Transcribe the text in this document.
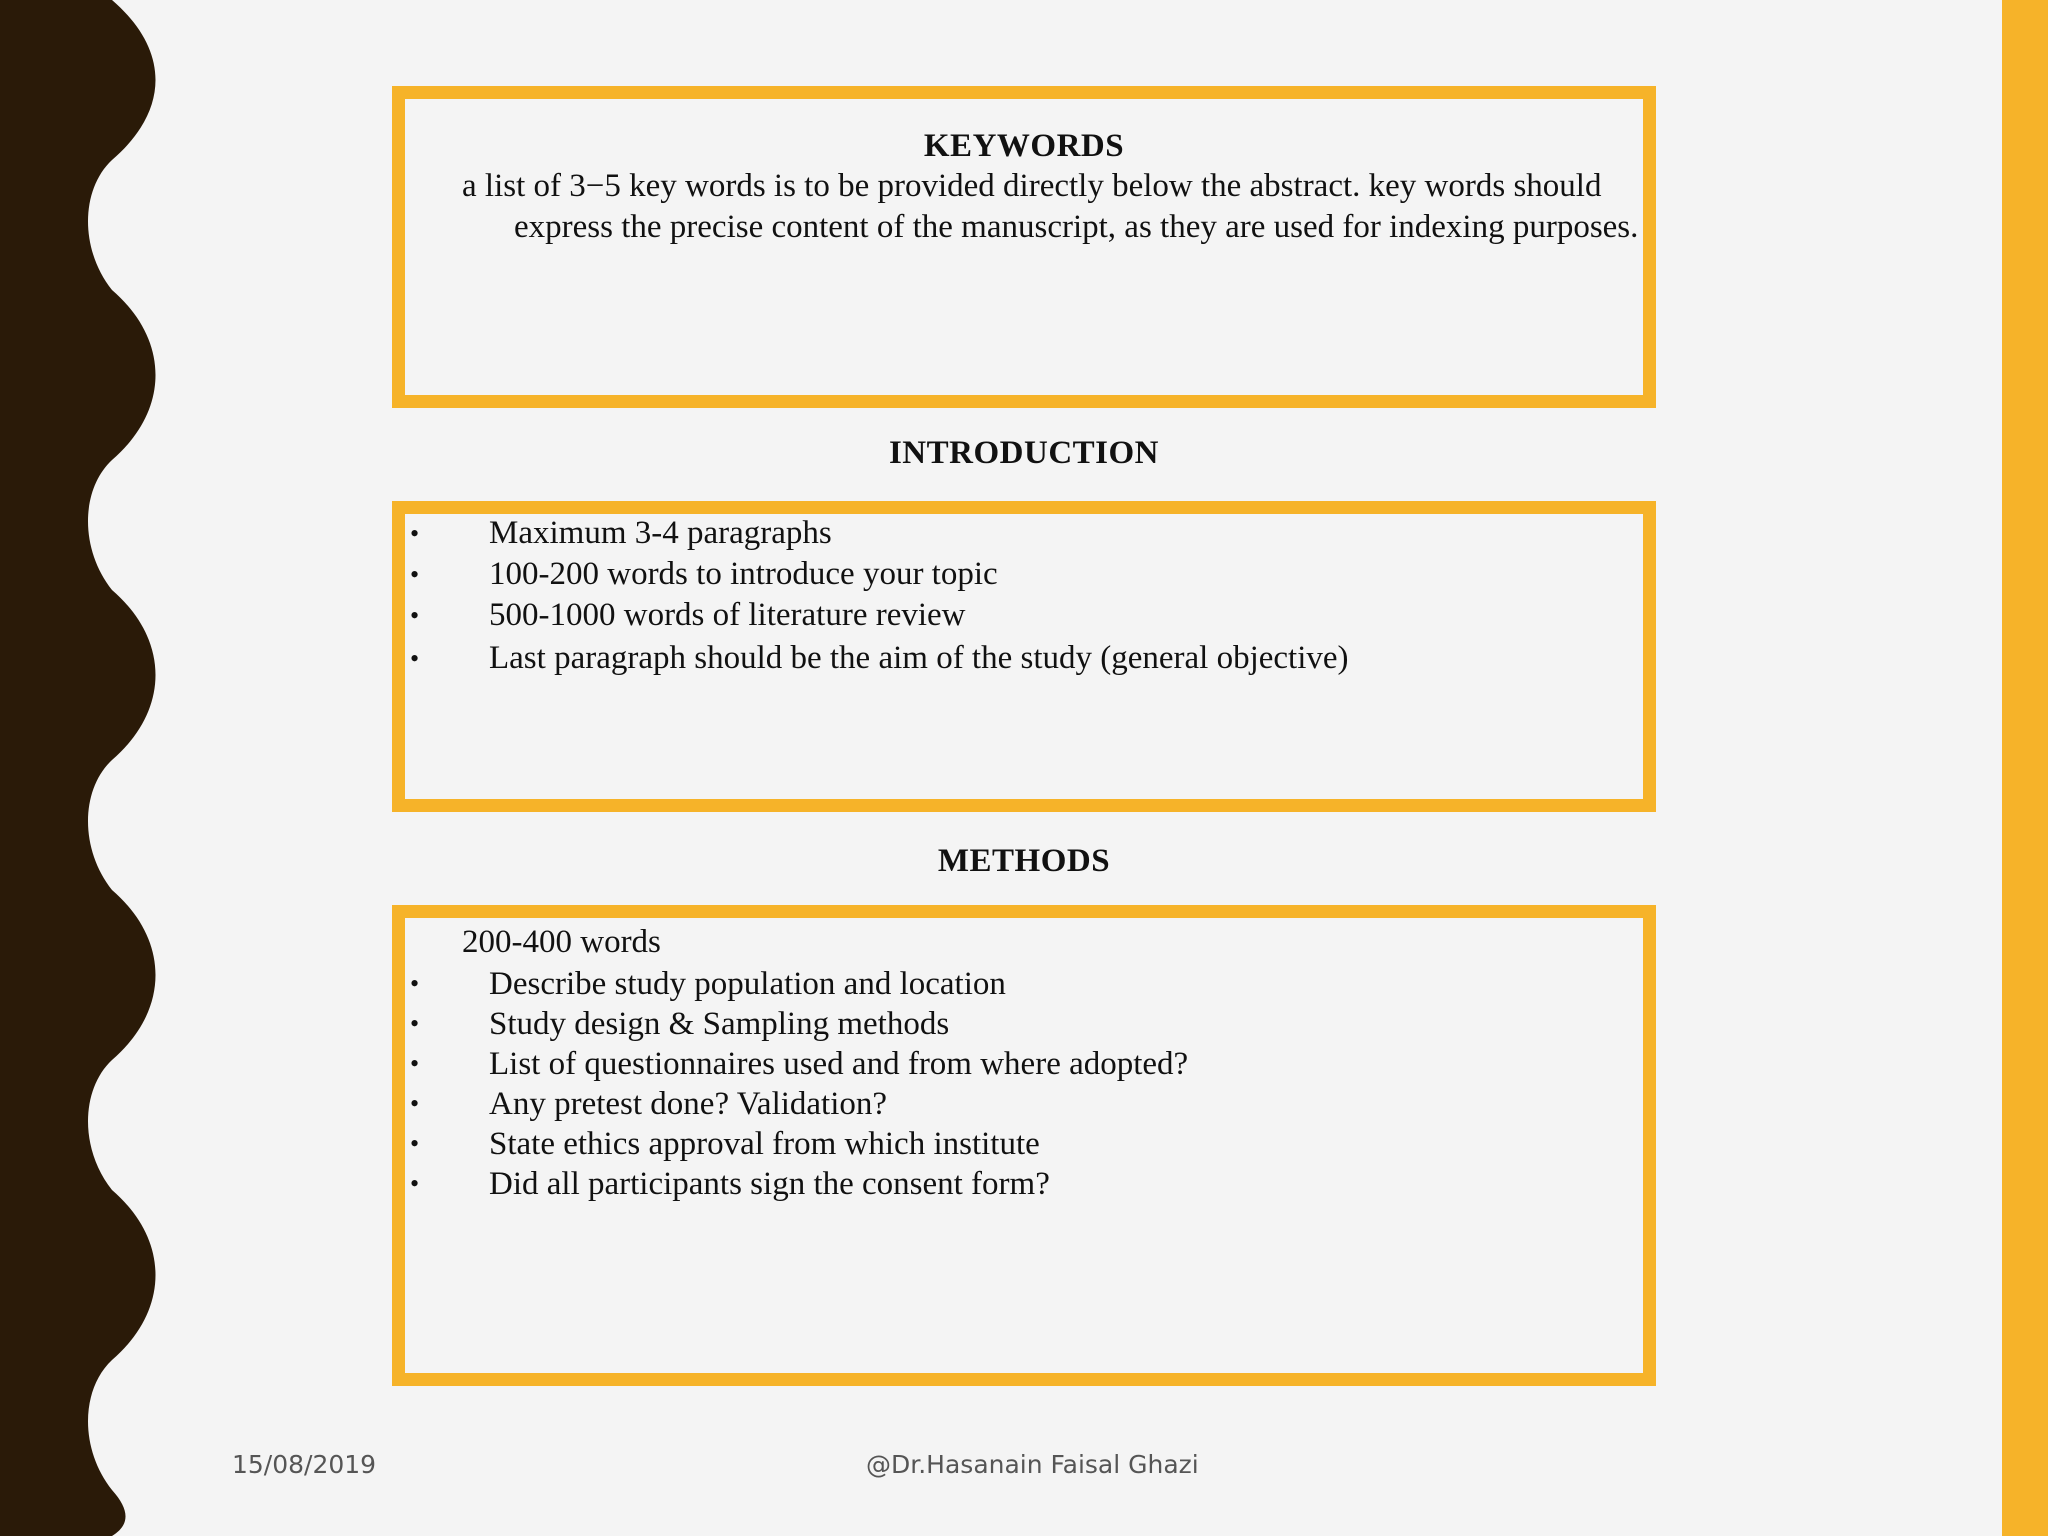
KEYWORDS
a list of 3−5 key words is to be provided directly below the abstract. key words should express the precise content of the manuscript, as they are used for indexing purposes.
INTRODUCTION
• Maximum 3-4 paragraphs
• 100-200 words to introduce your topic
• 500-1000 words of literature review
• Last paragraph should be the aim of the study (general objective)
METHODS
200-400 words
• Describe study population and location
• Study design & Sampling methods
• List of questionnaires used and from where adopted?
• Any pretest done? Validation?
• State ethics approval from which institute
• Did all participants sign the consent form?
15/08/2019	@Dr.Hasanain Faisal Ghazi
